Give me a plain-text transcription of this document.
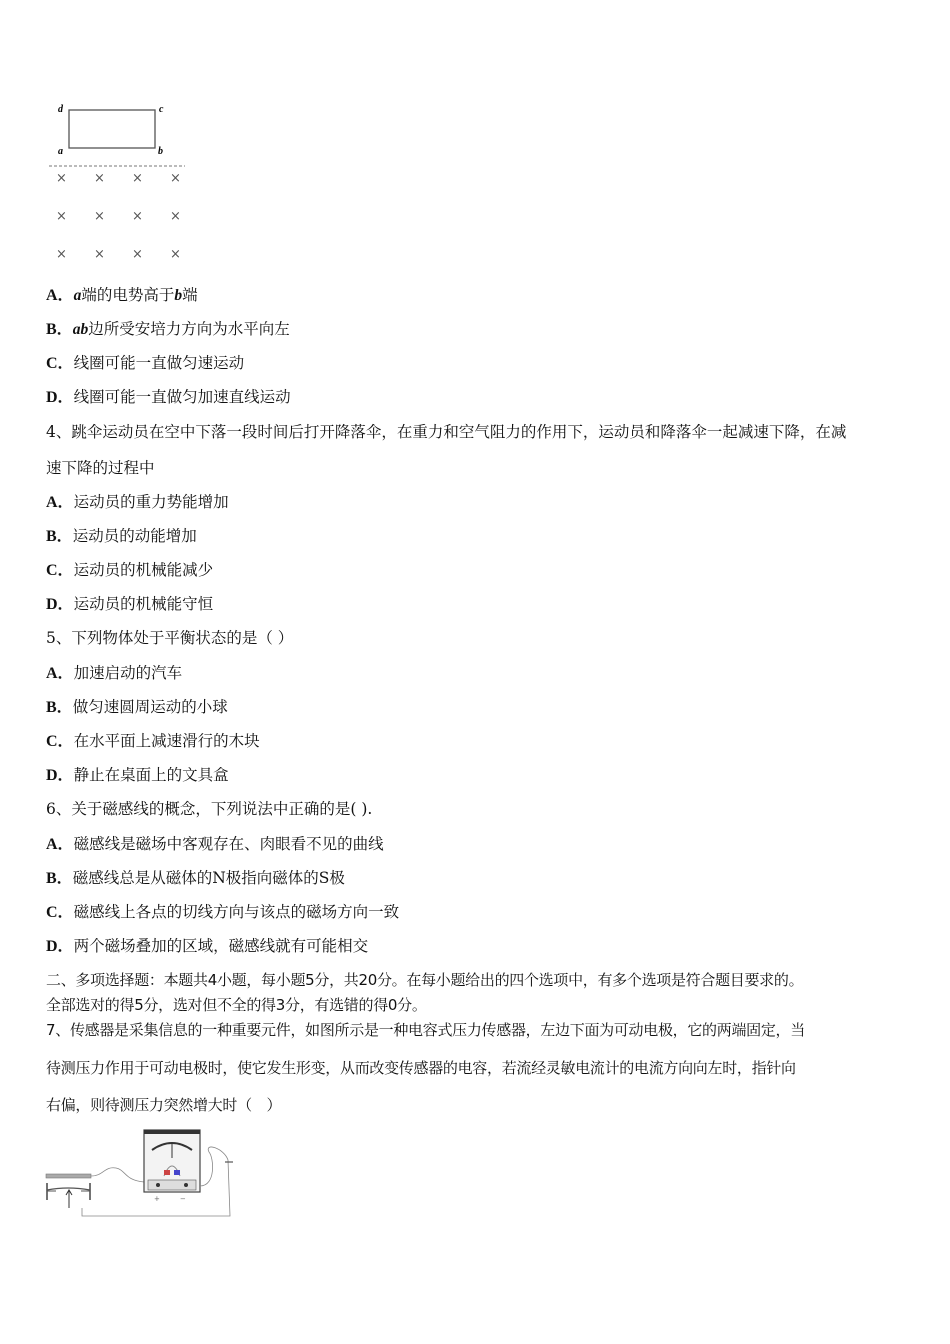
d	c
a	b
× × × ×
× × × ×
× × × ×
A．a端的电势高于b端
B．ab边所受安培力方向为水平向左
C．线圈可能一直做匀速运动
D．线圈可能一直做匀加速直线运动
4、跳伞运动员在空中下落一段时间后打开降落伞，在重力和空气阻力的作用下，运动员和降落伞一起减速下降，在减
速下降的过程中
A．运动员的重力势能增加
B．运动员的动能增加
C．运动员的机械能减少
D．运动员的机械能守恒
5、下列物体处于平衡状态的是（ ）
A．加速启动的汽车
B．做匀速圆周运动的小球
C．在水平面上减速滑行的木块
D．静止在桌面上的文具盒
6、关于磁感线的概念，下列说法中正确的是( ).
A．磁感线是磁场中客观存在、肉眼看不见的曲线
B．磁感线总是从磁体的N极指向磁体的S极
C．磁感线上各点的切线方向与该点的磁场方向一致
D．两个磁场叠加的区域，磁感线就有可能相交
二、多项选择题：本题共4小题，每小题5分，共20分。在每小题给出的四个选项中，有多个选项是符合题目要求的。
全部选对的得5分，选对但不全的得3分，有选错的得0分。
7、传感器是采集信息的一种重要元件，如图所示是一种电容式压力传感器，左边下面为可动电极，它的两端固定，当
待测压力作用于可动电极时，使它发生形变，从而改变传感器的电容，若流经灵敏电流计的电流方向向左时，指针向
右偏，则待测压力突然增大时（　）
+	−
